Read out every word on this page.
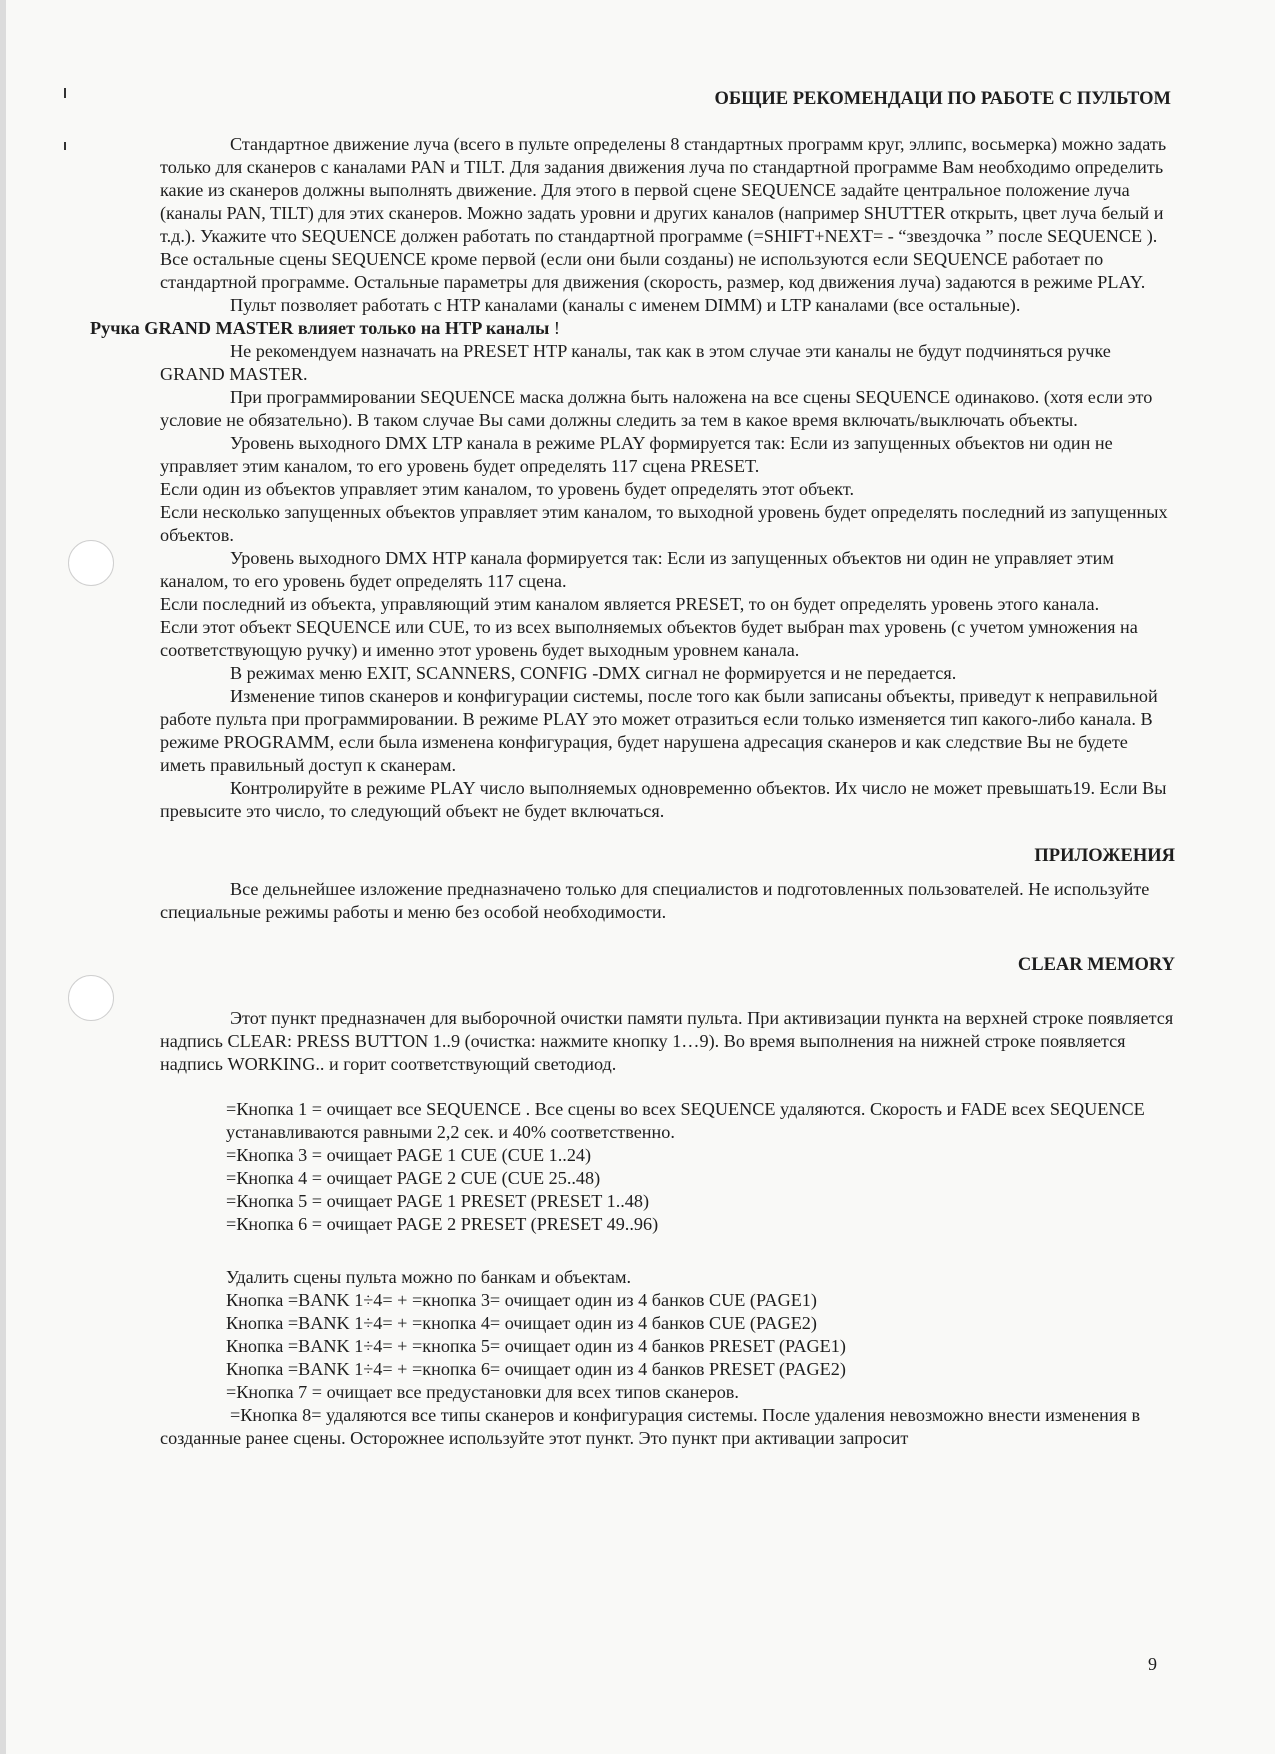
ОБЩИЕ РЕКОМЕНДАЦИ ПО РАБОТЕ С ПУЛЬТОМ

Стандартное движение луча (всего в пульте определены 8 стандартных программ круг, эллипс, восьмерка) можно задать только для сканеров с каналами PAN и TILT. Для задания движения луча по стандартной программе Вам необходимо определить какие из сканеров должны выполнять движение. Для этого в первой сцене SEQUENCE задайте центральное положение луча (каналы PAN, TILT) для этих сканеров. Можно задать уровни и других каналов (например SHUTTER открыть, цвет луча белый и т.д.). Укажите что SEQUENCE должен работать по стандартной программе (=SHIFT+NEXT= - “звездочка ” после SEQUENCE ). Все остальные сцены SEQUENCE кроме первой (если они были созданы) не используются если SEQUENCE работает по стандартной программе. Остальные параметры для движения (скорость, размер, код движения луча) задаются в режиме PLAY.

Пульт позволяет работать с HTP каналами (каналы с именем DIMM) и LTP каналами (все остальные).
Ручка GRAND MASTER влияет только на HTP каналы !

Не рекомендуем назначать на PRESET HTP каналы, так как в этом случае эти каналы не будут подчиняться ручке GRAND MASTER.

При программировании SEQUENCE маска должна быть наложена на все сцены SEQUENCE одинаково. (хотя если это условие не обязательно). В таком случае Вы сами должны следить за тем в какое время включать/выключать объекты.

Уровень выходного DMX LTP канала в режиме PLAY формируется так: Если из запущенных объектов ни один не управляет этим каналом, то его уровень будет определять 117 сцена PRESET.

Если один из объектов управляет этим каналом, то уровень будет определять этот объект.

Если несколько запущенных объектов управляет этим каналом, то выходной уровень будет определять последний из запущенных объектов.

Уровень выходного DMX HTP канала формируется так: Если из запущенных объектов ни один не управляет этим каналом, то его уровень будет определять 117 сцена.

Если последний из объекта, управляющий этим каналом является PRESET, то он будет определять уровень этого канала.

Если этот объект SEQUENCE или CUE, то из всех выполняемых объектов будет выбран max уровень (с учетом умножения на соответствующую ручку) и именно этот уровень будет выходным уровнем канала.

В режимах меню EXIT, SCANNERS, CONFIG -DMX сигнал не формируется и не передается.

Изменение типов сканеров и конфигурации системы, после того как были записаны объекты, приведут к неправильной работе пульта при программировании. В режиме PLAY это может отразиться если только изменяется тип какого-либо канала. В режиме PROGRAMM, если была изменена конфигурация, будет нарушена адресация сканеров и как следствие Вы не будете иметь правильный доступ к сканерам.

Контролируйте в режиме PLAY число выполняемых одновременно объектов. Их число не может превышать19. Если Вы превысите это число, то следующий объект не будет включаться.

ПРИЛОЖЕНИЯ

Все дельнейшее изложение предназначено только для специалистов и подготовленных пользователей. Не используйте специальные режимы работы и меню без особой необходимости.

CLEAR MEMORY

Этот пункт предназначен для выборочной очистки памяти пульта. При активизации пункта на верхней строке появляется надпись CLEAR: PRESS BUTTON 1..9 (очистка: нажмите кнопку 1…9). Во время выполнения на нижней строке появляется надпись WORKING.. и горит соответствующий светодиод.

=Кнопка 1 = очищает все SEQUENCE . Все сцены во всех SEQUENCE удаляются. Скорость и FADE всех SEQUENCE устанавливаются равными 2,2 сек. и 40% соответственно.

=Кнопка 3 = очищает PAGE 1 CUE (CUE 1..24)

=Кнопка 4 = очищает PAGE 2 CUE (CUE 25..48)

=Кнопка 5 = очищает PAGE 1 PRESET (PRESET 1..48)

=Кнопка 6 = очищает PAGE 2 PRESET (PRESET 49..96)

Удалить сцены пульта можно по банкам и объектам.

Кнопка =BANK 1÷4= + =кнопка 3= очищает один из 4 банков CUE (PAGE1)

Кнопка =BANK 1÷4= + =кнопка 4= очищает один из 4 банков CUE (PAGE2)

Кнопка =BANK 1÷4= + =кнопка 5= очищает один из 4 банков PRESET (PAGE1)

Кнопка =BANK 1÷4= + =кнопка 6= очищает один из 4 банков PRESET (PAGE2)

=Кнопка 7 = очищает все предустановки для всех типов сканеров.

=Кнопка 8= удаляются все типы сканеров и конфигурация системы. После удаления невозможно внести изменения в созданные ранее сцены. Осторожнее используйте этот пункт. Это пункт при активации запросит

9
